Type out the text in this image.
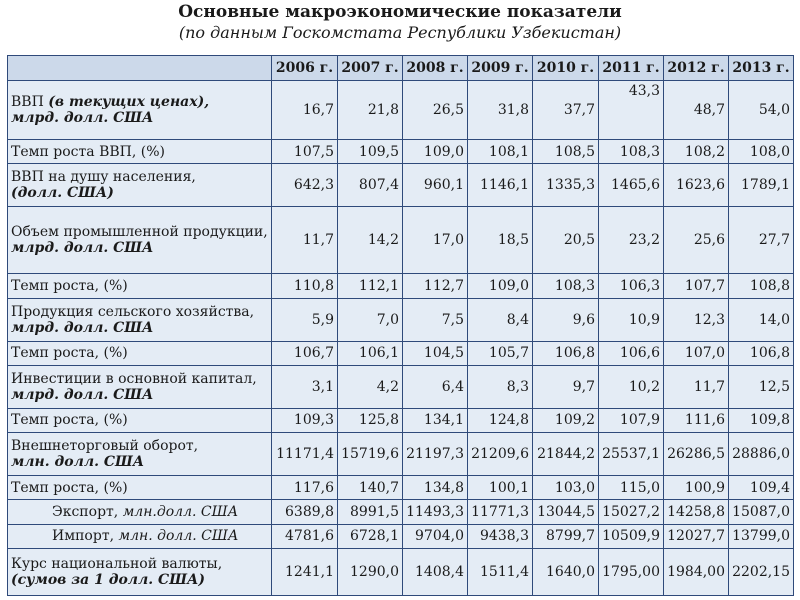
Основные макроэкономические показатели
(по данным Госкомстата Республики Узбекистан)
	2006 г.	2007 г.	2008 г.	2009 г.	2010 г.	2011 г.	2012 г.	2013 г.
ВВП (в текущих ценах),
млрд. долл. США	16,7	21,8	26,5	31,8	37,7	43,3	48,7	54,0
Темп роста ВВП, (%)	107,5	109,5	109,0	108,1	108,5	108,3	108,2	108,0
ВВП на душу населения,
(долл. США)	642,3	807,4	960,1	1146,1	1335,3	1465,6	1623,6	1789,1
Объем промышленной продукции,
млрд. долл. США	11,7	14,2	17,0	18,5	20,5	23,2	25,6	27,7
Темп роста, (%)	110,8	112,1	112,7	109,0	108,3	106,3	107,7	108,8
Продукция сельского хозяйства,
млрд. долл. США	5,9	7,0	7,5	8,4	9,6	10,9	12,3	14,0
Темп роста, (%)	106,7	106,1	104,5	105,7	106,8	106,6	107,0	106,8
Инвестиции в основной капитал, млрд. долл. США	3,1	4,2	6,4	8,3	9,7	10,2	11,7	12,5
Темп роста, (%)	109,3	125,8	134,1	124,8	109,2	107,9	111,6	109,8
Внешнеторговый оборот,
млн. долл. США	11171,4	15719,6	21197,3	21209,6	21844,2	25537,1	26286,5	28886,0
Темп роста, (%)	117,6	140,7	134,8	100,1	103,0	115,0	100,9	109,4
Экспорт, млн.долл. США	6389,8	8991,5	11493,3	11771,3	13044,5	15027,2	14258,8	15087,0
Импорт, млн. долл. США	4781,6	6728,1	9704,0	9438,3	8799,7	10509,9	12027,7	13799,0
Курс национальной валюты,
(сумов за 1 долл. США)	1241,1	1290,0	1408,4	1511,4	1640,0	1795,00	1984,00	2202,15
